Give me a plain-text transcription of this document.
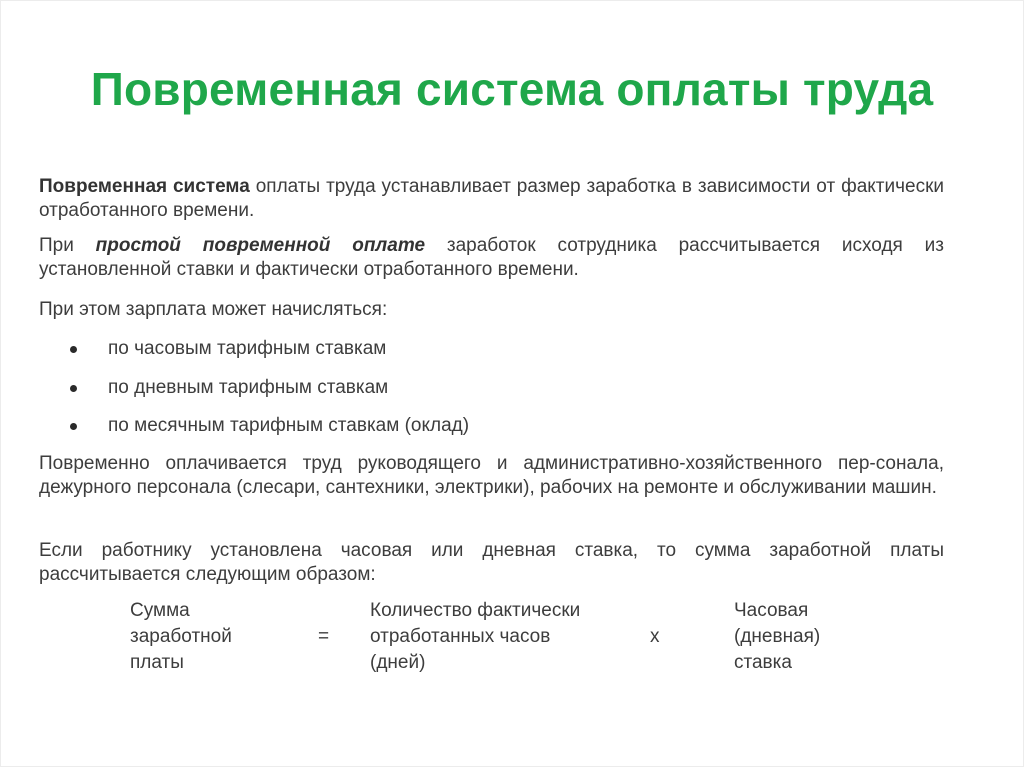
Повременная система оплаты труда
Повременная система оплаты труда устанавливает размер заработка в зависимости от фактически отработанного времени.
При простой повременной оплате заработок сотрудника рассчитывается исходя из установленной ставки и фактически отработанного времени.
При этом зарплата может начисляться:
по часовым тарифным ставкам
по дневным тарифным ставкам
по месячным тарифным ставкам (оклад)
Повременно оплачивается труд руководящего и административно-хозяйственного пер-сонала, дежурного персонала (слесари, сантехники, электрики), рабочих на ремонте и обслуживании машин.
Если работнику установлена часовая или дневная ставка, то сумма заработной платы рассчитывается следующим образом:
Сумма
заработной
платы
=
Количество фактически
отработанных часов
(дней)
х
Часовая
(дневная)
ставка
